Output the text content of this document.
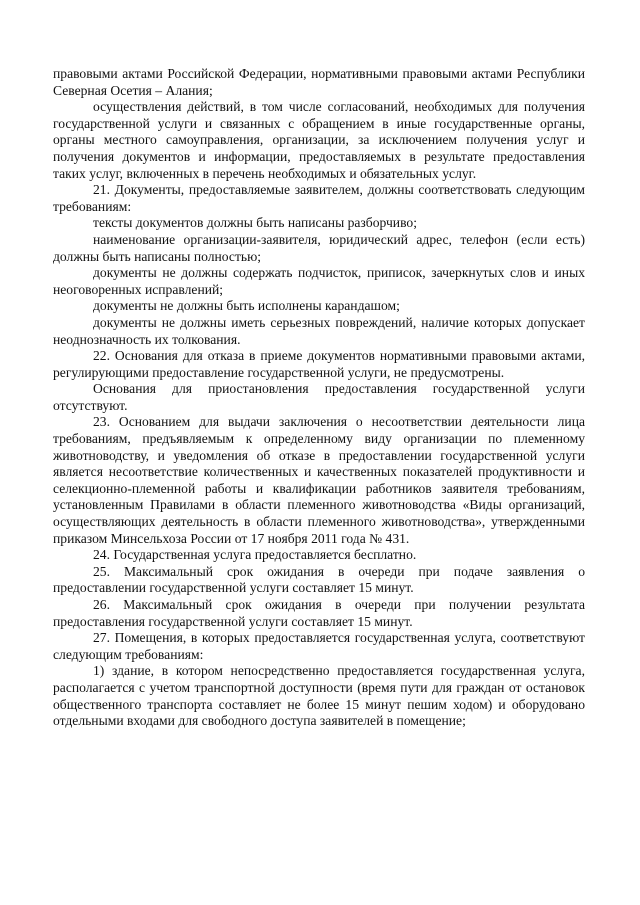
правовыми актами Российской Федерации, нормативными правовыми актами Республики Северная Осетия – Алания;

осуществления действий, в том числе согласований, необходимых для получения государственной услуги и связанных с обращением в иные государственные органы, органы местного самоуправления, организации, за исключением получения услуг и получения документов и информации, предоставляемых в результате предоставления таких услуг, включенных в перечень необходимых и обязательных услуг.

21. Документы, предоставляемые заявителем, должны соответствовать следующим требованиям:

тексты документов должны быть написаны разборчиво;

наименование организации-заявителя, юридический адрес, телефон (если есть) должны быть написаны полностью;

документы не должны содержать подчисток, приписок, зачеркнутых слов и иных неоговоренных исправлений;

документы не должны быть исполнены карандашом;

документы не должны иметь серьезных повреждений, наличие которых допускает неоднозначность их толкования.

22. Основания для отказа в приеме документов нормативными правовыми актами, регулирующими предоставление государственной услуги, не предусмотрены.

Основания для приостановления предоставления государственной услуги отсутствуют.

23. Основанием для выдачи заключения о несоответствии деятельности лица требованиям, предъявляемым к определенному виду организации по племенному животноводству, и уведомления об отказе в предоставлении государственной услуги является несоответствие количественных и качественных показателей продуктивности и селекционно-племенной работы и квалификации работников заявителя требованиям, установленным Правилами в области племенного животноводства «Виды организаций, осуществляющих деятельность в области племенного животноводства», утвержденными приказом Минсельхоза России от 17 ноября 2011 года № 431.

24. Государственная услуга предоставляется бесплатно.

25. Максимальный срок ожидания в очереди при подаче заявления о предоставлении государственной услуги составляет 15 минут.

26. Максимальный срок ожидания в очереди при получении результата предоставления государственной услуги составляет 15 минут.

27. Помещения, в которых предоставляется государственная услуга, соответствуют следующим требованиям:

1) здание, в котором непосредственно предоставляется государственная услуга, располагается с учетом транспортной доступности (время пути для граждан от остановок общественного транспорта составляет не более 15 минут пешим ходом) и оборудовано отдельными входами для свободного доступа заявителей в помещение;
